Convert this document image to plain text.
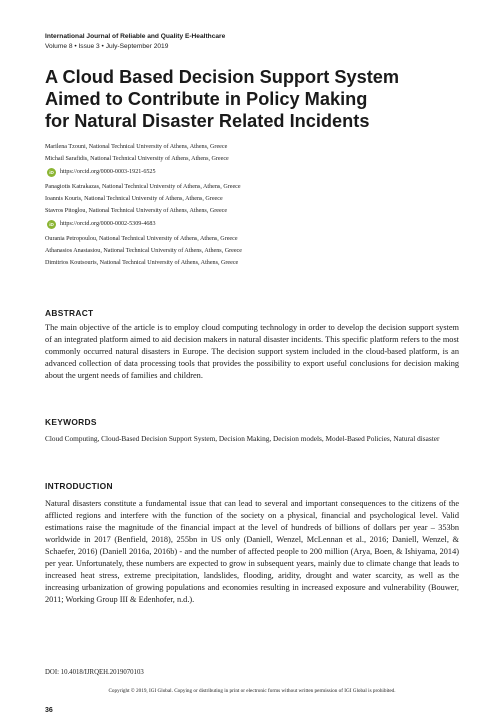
International Journal of Reliable and Quality E-Healthcare
Volume 8 • Issue 3 • July-September 2019
A Cloud Based Decision Support System
Aimed to Contribute in Policy Making
for Natural Disaster Related Incidents
Marilena Tzouni, National Technical University of Athens, Athens, Greece
Michail Sarafidis, National Technical University of Athens, Athens, Greece
iD	https://orcid.org/0000-0003-1921-6525
Panagiotis Katrakazas, National Technical University of Athens, Athens, Greece
Ioannis Kouris, National Technical University of Athens, Athens, Greece
Stavros Pitoglou, National Technical University of Athens, Athens, Greece
iD	https://orcid.org/0000-0002-5309-4683
Ourania Petropoulou, National Technical University of Athens, Athens, Greece
Athanasios Anastasiou, National Technical University of Athens, Athens, Greece
Dimitrios Koutsouris, National Technical University of Athens, Athens, Greece
ABSTRACT
The main objective of the article is to employ cloud computing technology in order to develop the decision support system of an integrated platform aimed to aid decision makers in natural disaster incidents. This specific platform refers to the most commonly occurred natural disasters in Europe. The decision support system included in the cloud-based platform, is an advanced collection of data processing tools that provides the possibility to export useful conclusions for decision making about the urgent needs of families and children.
KEYWORDS
Cloud Computing, Cloud-Based Decision Support System, Decision Making, Decision models, Model-Based Policies, Natural disaster
INTRODUCTION
Natural disasters constitute a fundamental issue that can lead to several and important consequences to the citizens of the afflicted regions and interfere with the function of the society on a physical, financial and psychological level. Valid estimations raise the magnitude of the financial impact at the level of hundreds of billions of dollars per year – 353bn worldwide in 2017 (Benfield, 2018), 255bn in US only (Daniell, Wenzel, McLennan et al., 2016; Daniell, Wenzel, & Schaefer, 2016) (Daniell 2016a, 2016b) - and the number of affected people to 200 million (Arya, Boen, & Ishiyama, 2014) per year. Unfortunately, these numbers are expected to grow in subsequent years, mainly due to climate change that leads to increased heat stress, extreme precipitation, landslides, flooding, aridity, drought and water scarcity, as well as the increasing urbanization of growing populations and economies resulting in increased exposure and vulnerability (Bouwer, 2011; Working Group III & Edenhofer, n.d.).
DOI: 10.4018/IJRQEH.2019070103
Copyright © 2019, IGI Global. Copying or distributing in print or electronic forms without written permission of IGI Global is prohibited.
36
